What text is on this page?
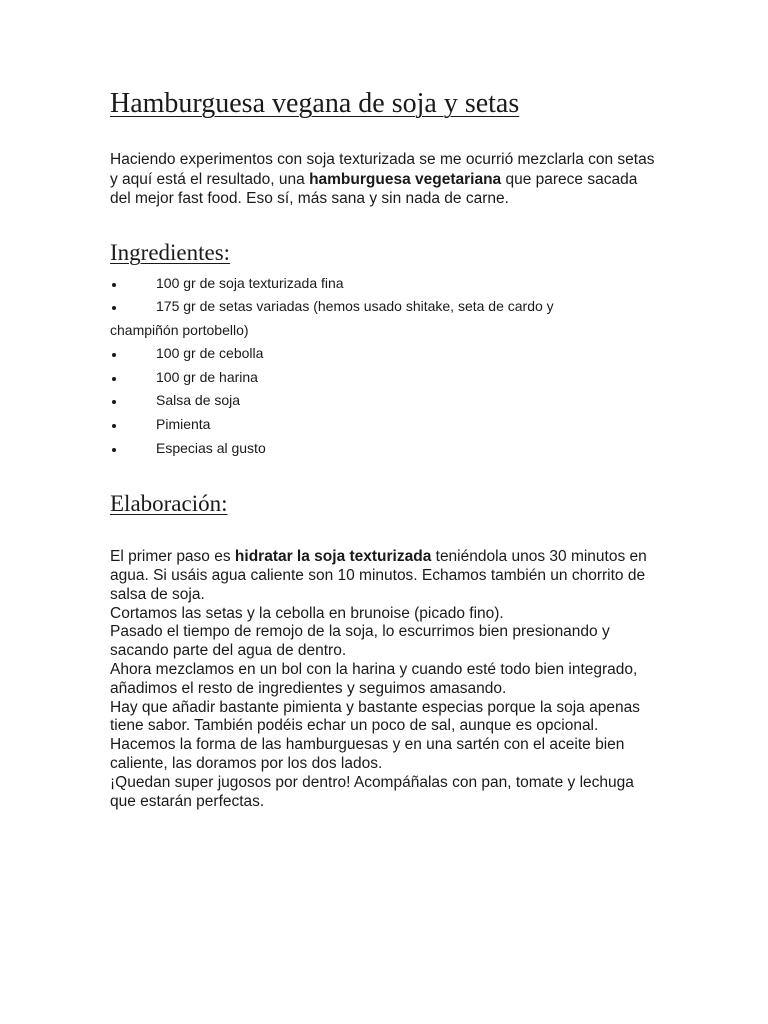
Hamburguesa vegana de soja y setas

Haciendo experimentos con soja texturizada se me ocurrió mezclarla con setas y aquí está el resultado, una hamburguesa vegetariana que parece sacada del mejor fast food. Eso sí, más sana y sin nada de carne.

Ingredientes:
100 gr de soja texturizada fina
175 gr de setas variadas (hemos usado shitake, seta de cardo y
champiñón portobello)
100 gr de cebolla
100 gr de harina
Salsa de soja
Pimienta
Especias al gusto
Elaboración:

El primer paso es hidratar la soja texturizada teniéndola unos 30 minutos en agua. Si usáis agua caliente son 10 minutos. Echamos también un chorrito de salsa de soja.

Cortamos las setas y la cebolla en brunoise (picado fino).

Pasado el tiempo de remojo de la soja, lo escurrimos bien presionando y sacando parte del agua de dentro.

Ahora mezclamos en un bol con la harina y cuando esté todo bien integrado, añadimos el resto de ingredientes y seguimos amasando.

Hay que añadir bastante pimienta y bastante especias porque la soja apenas tiene sabor. También podéis echar un poco de sal, aunque es opcional.

Hacemos la forma de las hamburguesas y en una sartén con el aceite bien caliente, las doramos por los dos lados.

¡Quedan super jugosos por dentro! Acompáñalas con pan, tomate y lechuga que estarán perfectas.
